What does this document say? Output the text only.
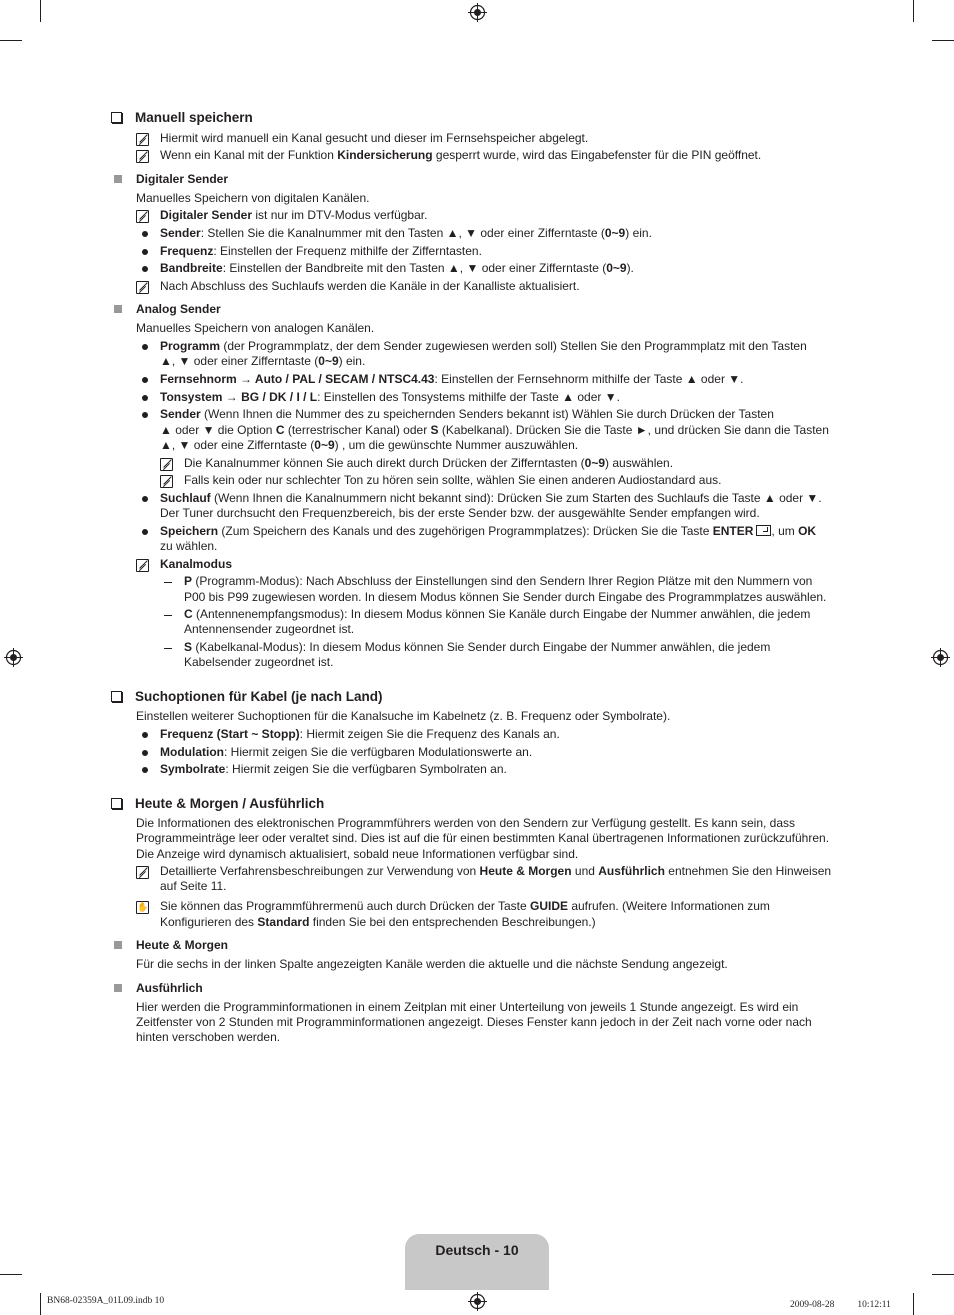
Manuell speichern
Hiermit wird manuell ein Kanal gesucht und dieser im Fernsehspeicher abgelegt.
Wenn ein Kanal mit der Funktion Kindersicherung gesperrt wurde, wird das Eingabefenster für die PIN geöffnet.
Digitaler Sender
Manuelles Speichern von digitalen Kanälen.
Digitaler Sender ist nur im DTV-Modus verfügbar.
Sender: Stellen Sie die Kanalnummer mit den Tasten ▲, ▼ oder einer Zifferntaste (0~9) ein.
Frequenz: Einstellen der Frequenz mithilfe der Zifferntasten.
Bandbreite: Einstellen der Bandbreite mit den Tasten ▲, ▼ oder einer Zifferntaste (0~9).
Nach Abschluss des Suchlaufs werden die Kanäle in der Kanalliste aktualisiert.
Analog Sender
Manuelles Speichern von analogen Kanälen.
Programm (der Programmplatz, der dem Sender zugewiesen werden soll) Stellen Sie den Programmplatz mit den Tasten
▲, ▼ oder einer Zifferntaste (0~9) ein.
Fernsehnorm → Auto / PAL / SECAM / NTSC4.43: Einstellen der Fernsehnorm mithilfe der Taste ▲ oder ▼.
Tonsystem → BG / DK / I / L: Einstellen des Tonsystems mithilfe der Taste ▲ oder ▼.
Sender (Wenn Ihnen die Nummer des zu speichernden Senders bekannt ist) Wählen Sie durch Drücken der Tasten
▲ oder ▼ die Option C (terrestrischer Kanal) oder S (Kabelkanal). Drücken Sie die Taste ►, und drücken Sie dann die Tasten
▲, ▼ oder eine Zifferntaste (0~9) , um die gewünschte Nummer auszuwählen.
Die Kanalnummer können Sie auch direkt durch Drücken der Zifferntasten (0~9) auswählen.
Falls kein oder nur schlechter Ton zu hören sein sollte, wählen Sie einen anderen Audiostandard aus.
Suchlauf (Wenn Ihnen die Kanalnummern nicht bekannt sind): Drücken Sie zum Starten des Suchlaufs die Taste ▲ oder ▼.
Der Tuner durchsucht den Frequenzbereich, bis der erste Sender bzw. der ausgewählte Sender empfangen wird.
Speichern (Zum Speichern des Kanals und des zugehörigen Programmplatzes): Drücken Sie die Taste ENTER , um OK
zu wählen.
Kanalmodus
P (Programm-Modus): Nach Abschluss der Einstellungen sind den Sendern Ihrer Region Plätze mit den Nummern von
P00 bis P99 zugewiesen worden. In diesem Modus können Sie Sender durch Eingabe des Programmplatzes auswählen.
C (Antennenempfangsmodus): In diesem Modus können Sie Kanäle durch Eingabe der Nummer anwählen, die jedem
Antennensender zugeordnet ist.
S (Kabelkanal-Modus): In diesem Modus können Sie Sender durch Eingabe der Nummer anwählen, die jedem
Kabelsender zugeordnet ist.
Suchoptionen für Kabel (je nach Land)
Einstellen weiterer Suchoptionen für die Kanalsuche im Kabelnetz (z. B. Frequenz oder Symbolrate).
Frequenz (Start ~ Stopp): Hiermit zeigen Sie die Frequenz des Kanals an.
Modulation: Hiermit zeigen Sie die verfügbaren Modulationswerte an.
Symbolrate: Hiermit zeigen Sie die verfügbaren Symbolraten an.
Heute & Morgen / Ausführlich
Die Informationen des elektronischen Programmführers werden von den Sendern zur Verfügung gestellt. Es kann sein, dass
Programmeinträge leer oder veraltet sind. Dies ist auf die für einen bestimmten Kanal übertragenen Informationen zurückzuführen.
Die Anzeige wird dynamisch aktualisiert, sobald neue Informationen verfügbar sind.
Detaillierte Verfahrensbeschreibungen zur Verwendung von Heute & Morgen und Ausführlich entnehmen Sie den Hinweisen
auf Seite 11.
✋ Sie können das Programmführermenü auch durch Drücken der Taste GUIDE aufrufen. (Weitere Informationen zum
Konfigurieren des Standard finden Sie bei den entsprechenden Beschreibungen.)
Heute & Morgen
Für die sechs in der linken Spalte angezeigten Kanäle werden die aktuelle und die nächste Sendung angezeigt.
Ausführlich
Hier werden die Programminformationen in einem Zeitplan mit einer Unterteilung von jeweils 1 Stunde angezeigt. Es wird ein
Zeitfenster von 2 Stunden mit Programminformationen angezeigt. Dieses Fenster kann jedoch in der Zeit nach vorne oder nach
hinten verschoben werden.
Deutsch - 10
BN68-02359A_01L09.indb 10	2009-08-28 ﾠﾠ 10:12:11
